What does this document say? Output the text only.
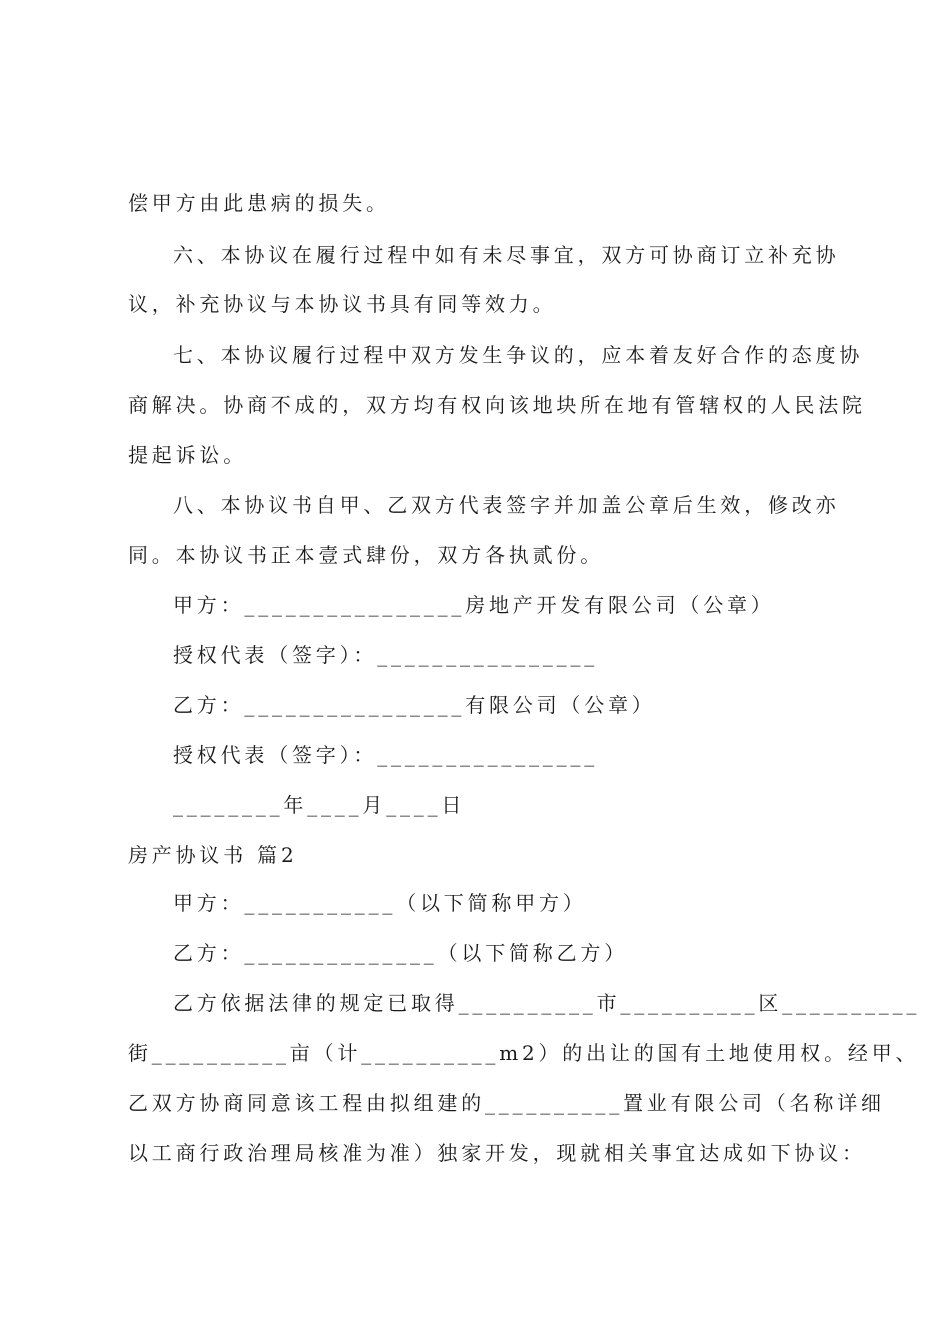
偿甲方由此患病的损失。
六、本协议在履行过程中如有未尽事宜，双方可协商订立补充协
议，补充协议与本协议书具有同等效力。
七、本协议履行过程中双方发生争议的，应本着友好合作的态度协
商解决。协商不成的，双方均有权向该地块所在地有管辖权的人民法院
提起诉讼。
八、本协议书自甲、乙双方代表签字并加盖公章后生效，修改亦
同。本协议书正本壹式肆份，双方各执贰份。
甲方：________________房地产开发有限公司（公章）
授权代表（签字）：________________
乙方：________________有限公司（公章）
授权代表（签字）：________________
________年____月____日
房产协议书 篇2
甲方：___________（以下简称甲方）
乙方：______________（以下简称乙方）
乙方依据法律的规定已取得__________市__________区__________
街__________亩（计__________m2）的出让的国有土地使用权。经甲、
乙双方协商同意该工程由拟组建的__________置业有限公司（名称详细
以工商行政治理局核准为准）独家开发，现就相关事宜达成如下协议：
